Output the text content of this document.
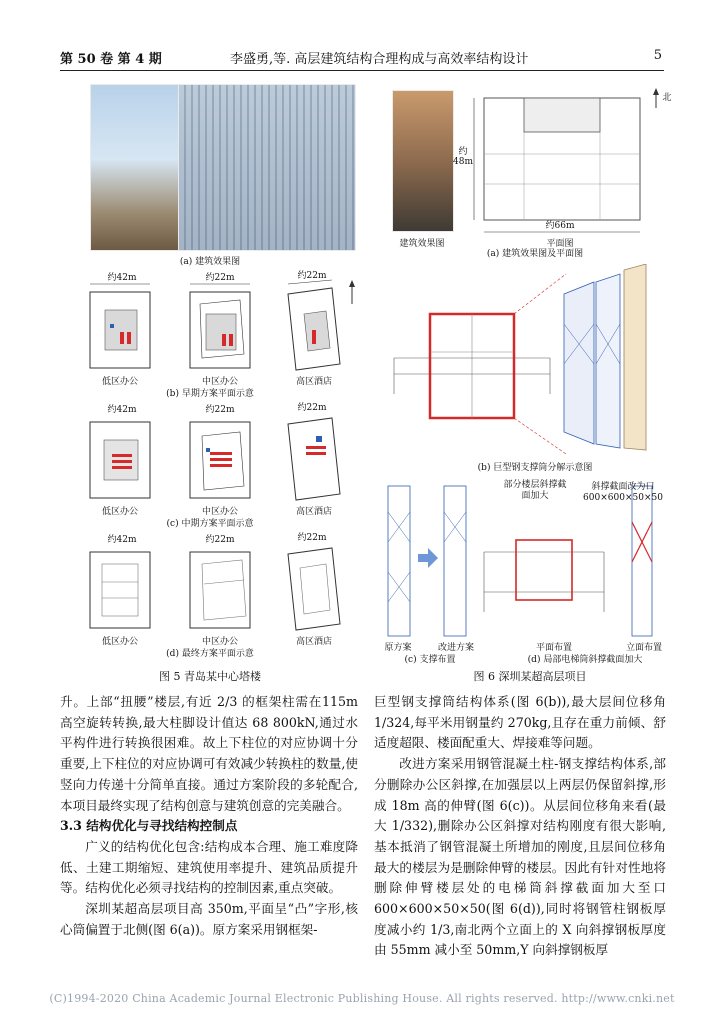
第 50 卷 第 4 期	李盛勇,等. 高层建筑结构合理构成与高效率结构设计	5
(a) 建筑效果图
约42m	约22m	约22m
低区办公	中区办公	高区酒店
(b) 早期方案平面示意
约42m	约22m	约22m
低区办公	中区办公	高区酒店
(c) 中期方案平面示意
约42m	约22m	约22m
低区办公	中区办公	高区酒店
(d) 最终方案平面示意
图 5 青岛某中心塔楼
建筑效果图
北
约48m
约66m
平面图
(a) 建筑效果图及平面图
(b) 巨型钢支撑筒分解示意图
部分楼层斜撑截面加大
斜撑截面改为口600×600×50×50
原方案	改进方案	平面布置	立面布置
(c) 支撑布置	(d) 局部电梯筒斜撑截面加大
图 6 深圳某超高层项目

升。上部“扭腰”楼层,有近 2/3 的框架柱需在115m 高空旋转转换,最大柱脚设计值达 68 800kN,通过水平构件进行转换很困难。故上下柱位的对应协调十分重要,上下柱位的对应协调可有效减少转换柱的数量,使竖向力传递十分简单直接。通过方案阶段的多轮配合,本项目最终实现了结构创意与建筑创意的完美融合。

3.3 结构优化与寻找结构控制点

广义的结构优化包含:结构成本合理、施工难度降低、土建工期缩短、建筑使用率提升、建筑品质提升等。结构优化必须寻找结构的控制因素,重点突破。

深圳某超高层项目高 350m,平面呈“凸”字形,核心筒偏置于北侧(图 6(a))。原方案采用钢框架-

巨型钢支撑筒结构体系(图 6(b)),最大层间位移角 1/324,每平米用钢量约 270kg,且存在重力前倾、舒适度超限、楼面配重大、焊接难等问题。

改进方案采用钢管混凝土柱-钢支撑结构体系,部分删除办公区斜撑,在加强层以上两层仍保留斜撑,形成 18m 高的伸臂(图 6(c))。从层间位移角来看(最大 1/332),删除办公区斜撑对结构刚度有很大影响,基本抵消了钢管混凝土所增加的刚度,且层间位移角最大的楼层为是删除伸臂的楼层。因此有针对性地将删除伸臂楼层处的电梯筒斜撑截面加大至口 600×600×50×50(图 6(d)),同时将钢管柱钢板厚度减小约 1/3,南北两个立面上的 X 向斜撑钢板厚度由 55mm 减小至 50mm,Y 向斜撑钢板厚

(C)1994-2020 China Academic Journal Electronic Publishing House. All rights reserved. http://www.cnki.net
